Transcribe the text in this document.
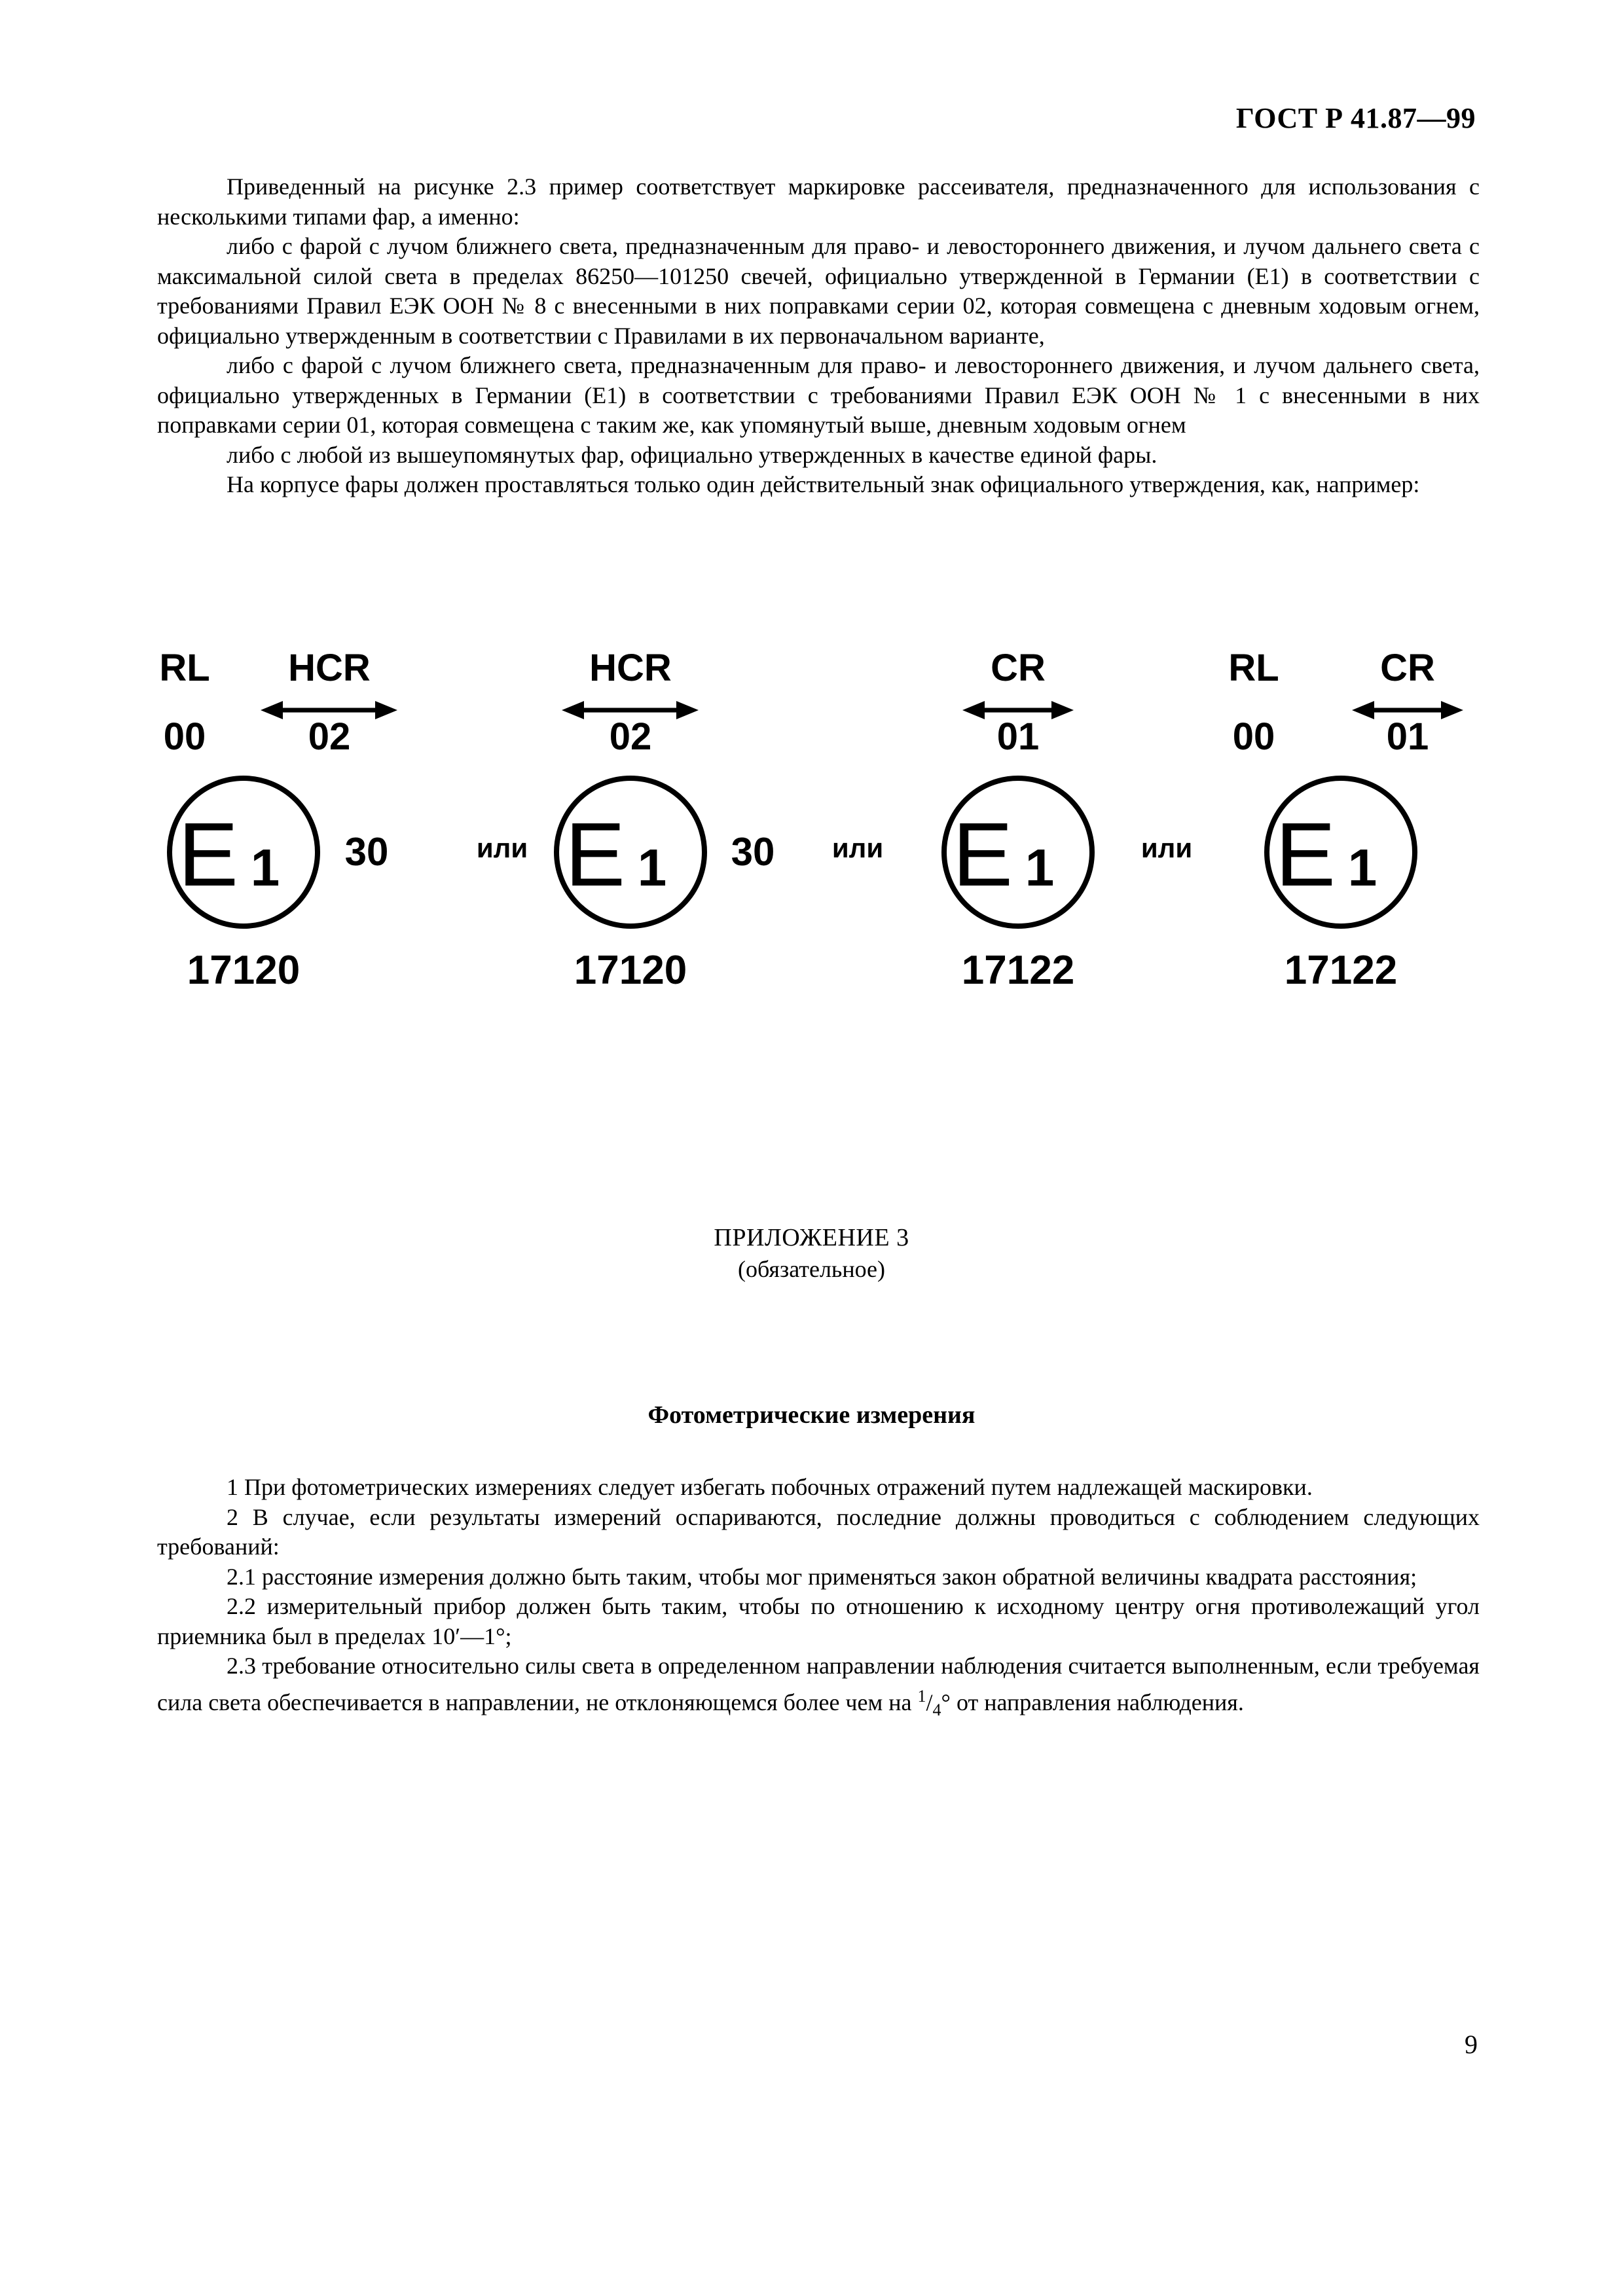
ГОСТ Р 41.87—99

Приведенный на рисунке 2.3 пример соответствует маркировке рассеивателя, предназначенного для использования с несколькими типами фар, а именно:

либо с фарой с лучом ближнего света, предназначенным для право- и левостороннего движения, и лучом дальнего света с максимальной силой света в пределах 86250—101250 свечей, официально утвержденной в Германии (E1) в соответствии с требованиями Правил ЕЭК ООН № 8 с внесенными в них поправками серии 02, которая совмещена с дневным ходовым огнем, официально утвержденным в соответствии с Правилами в их первоначальном варианте,

либо с фарой с лучом ближнего света, предназначенным для право- и левостороннего движения, и лучом дальнего света, официально утвержденных в Германии (E1) в соответствии с требованиями Правил ЕЭК ООН № 1 с внесенными в них поправками серии 01, которая совмещена с таким же, как упомянутый выше, дневным ходовым огнем

либо с любой из вышеупомянутых фар, официально утвержденных в качестве единой фары.

На корпусе фары должен проставляться только один действительный знак официального утверждения, как, например:

RL
00
HCR
02
E 1 30
17120
или
HCR
02
E 1 30
17120
или
CR
01
E 1
17122
или
RL
00
CR
01
E 1
17122
ПРИЛОЖЕНИЕ 3
(обязательное)
Фотометрические измерения

1 При фотометрических измерениях следует избегать побочных отражений путем надлежащей маскировки.

2 В случае, если результаты измерений оспариваются, последние должны проводиться с соблюдением следующих требований:

2.1 расстояние измерения должно быть таким, чтобы мог применяться закон обратной величины квадрата расстояния;

2.2 измерительный прибор должен быть таким, чтобы по отношению к исходному центру огня противолежащий угол приемника был в пределах 10′—1°;

2.3 требование относительно силы света в определенном направлении наблюдения считается выполненным, если требуемая сила света обеспечивается в направлении, не отклоняющемся более чем на $^1/_4^\circ$ от направления наблюдения.

9
